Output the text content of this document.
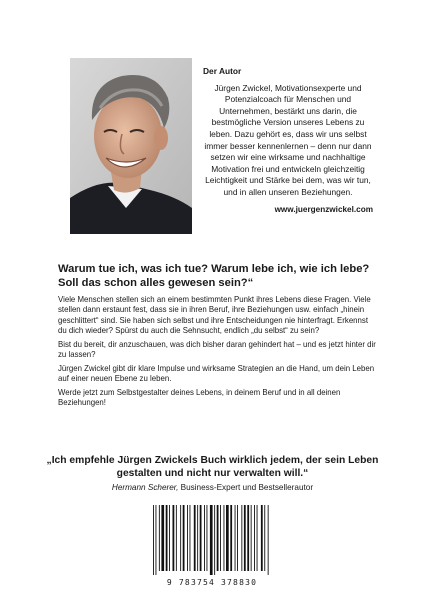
Der Autor
Jürgen Zwickel, Motivationsexperte und Potenzialcoach für Menschen und Unternehmen, bestärkt uns darin, die bestmögliche Version unseres Lebens zu leben. Dazu gehört es, dass wir uns selbst immer besser kennenlernen – denn nur dann setzen wir eine wirksame und nachhaltige Motivation frei und entwickeln gleichzeitig Leichtigkeit und Stärke bei dem, was wir tun, und in allen unseren Beziehungen.
www.juergenzwickel.com
Warum tue ich, was ich tue? Warum lebe ich, wie ich lebe? Soll das schon alles gewesen sein?“

Viele Menschen stellen sich an einem bestimmten Punkt ihres Lebens diese Fragen. Viele stellen dann erstaunt fest, dass sie in ihren Beruf, ihre Beziehungen usw. einfach „hinein geschlittert“ sind. Sie haben sich selbst und ihre Entscheidungen nie hinterfragt. Erkennst du dich wieder? Spürst du auch die Sehnsucht, endlich „du selbst“ zu sein?

Bist du bereit, dir anzuschauen, was dich bisher daran gehindert hat – und es jetzt hinter dir zu lassen?

Jürgen Zwickel gibt dir klare Impulse und wirksame Strategien an die Hand, um dein Leben auf einer neuen Ebene zu leben.

Werde jetzt zum Selbstgestalter deines Lebens, in deinem Beruf und in all deinen Beziehungen!

„Ich empfehle Jürgen Zwickels Buch wirklich jedem, der sein Leben gestalten und nicht nur verwalten will.“
Hermann Scherer, Business-Expert und Bestsellerautor
9 783754 378830
